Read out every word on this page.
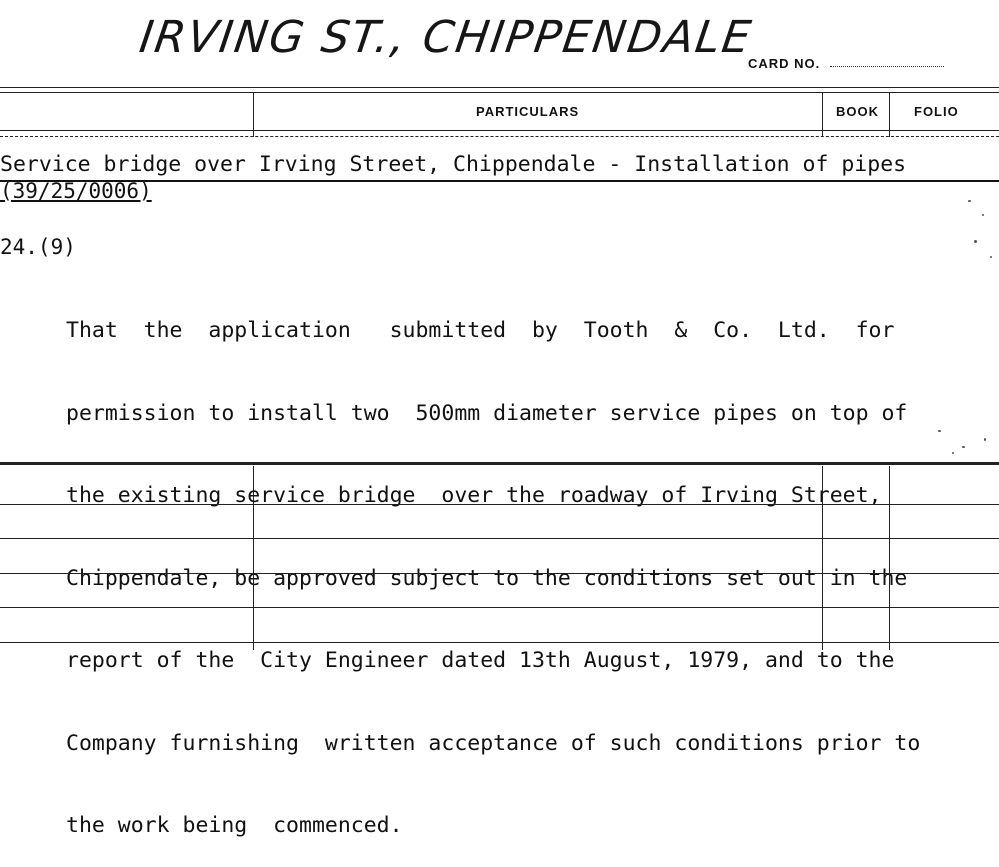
IRVING ST., CHIPPENDALE
CARD NO.
PARTICULARS	BOOK	FOLIO
Service bridge over Irving Street, Chippendale - Installation of pipes
(39/25/0006)
24.(9)

That  the  application   submitted  by  Tooth  &  Co.  Ltd.  for

permission to install two  500mm diameter service pipes on top of

the existing service bridge  over the roadway of Irving Street,

Chippendale, be approved subject to the conditions set out in the

report of the  City Engineer dated 13th August, 1979, and to the

Company furnishing  written acceptance of such conditions prior to

the work being  commenced.
